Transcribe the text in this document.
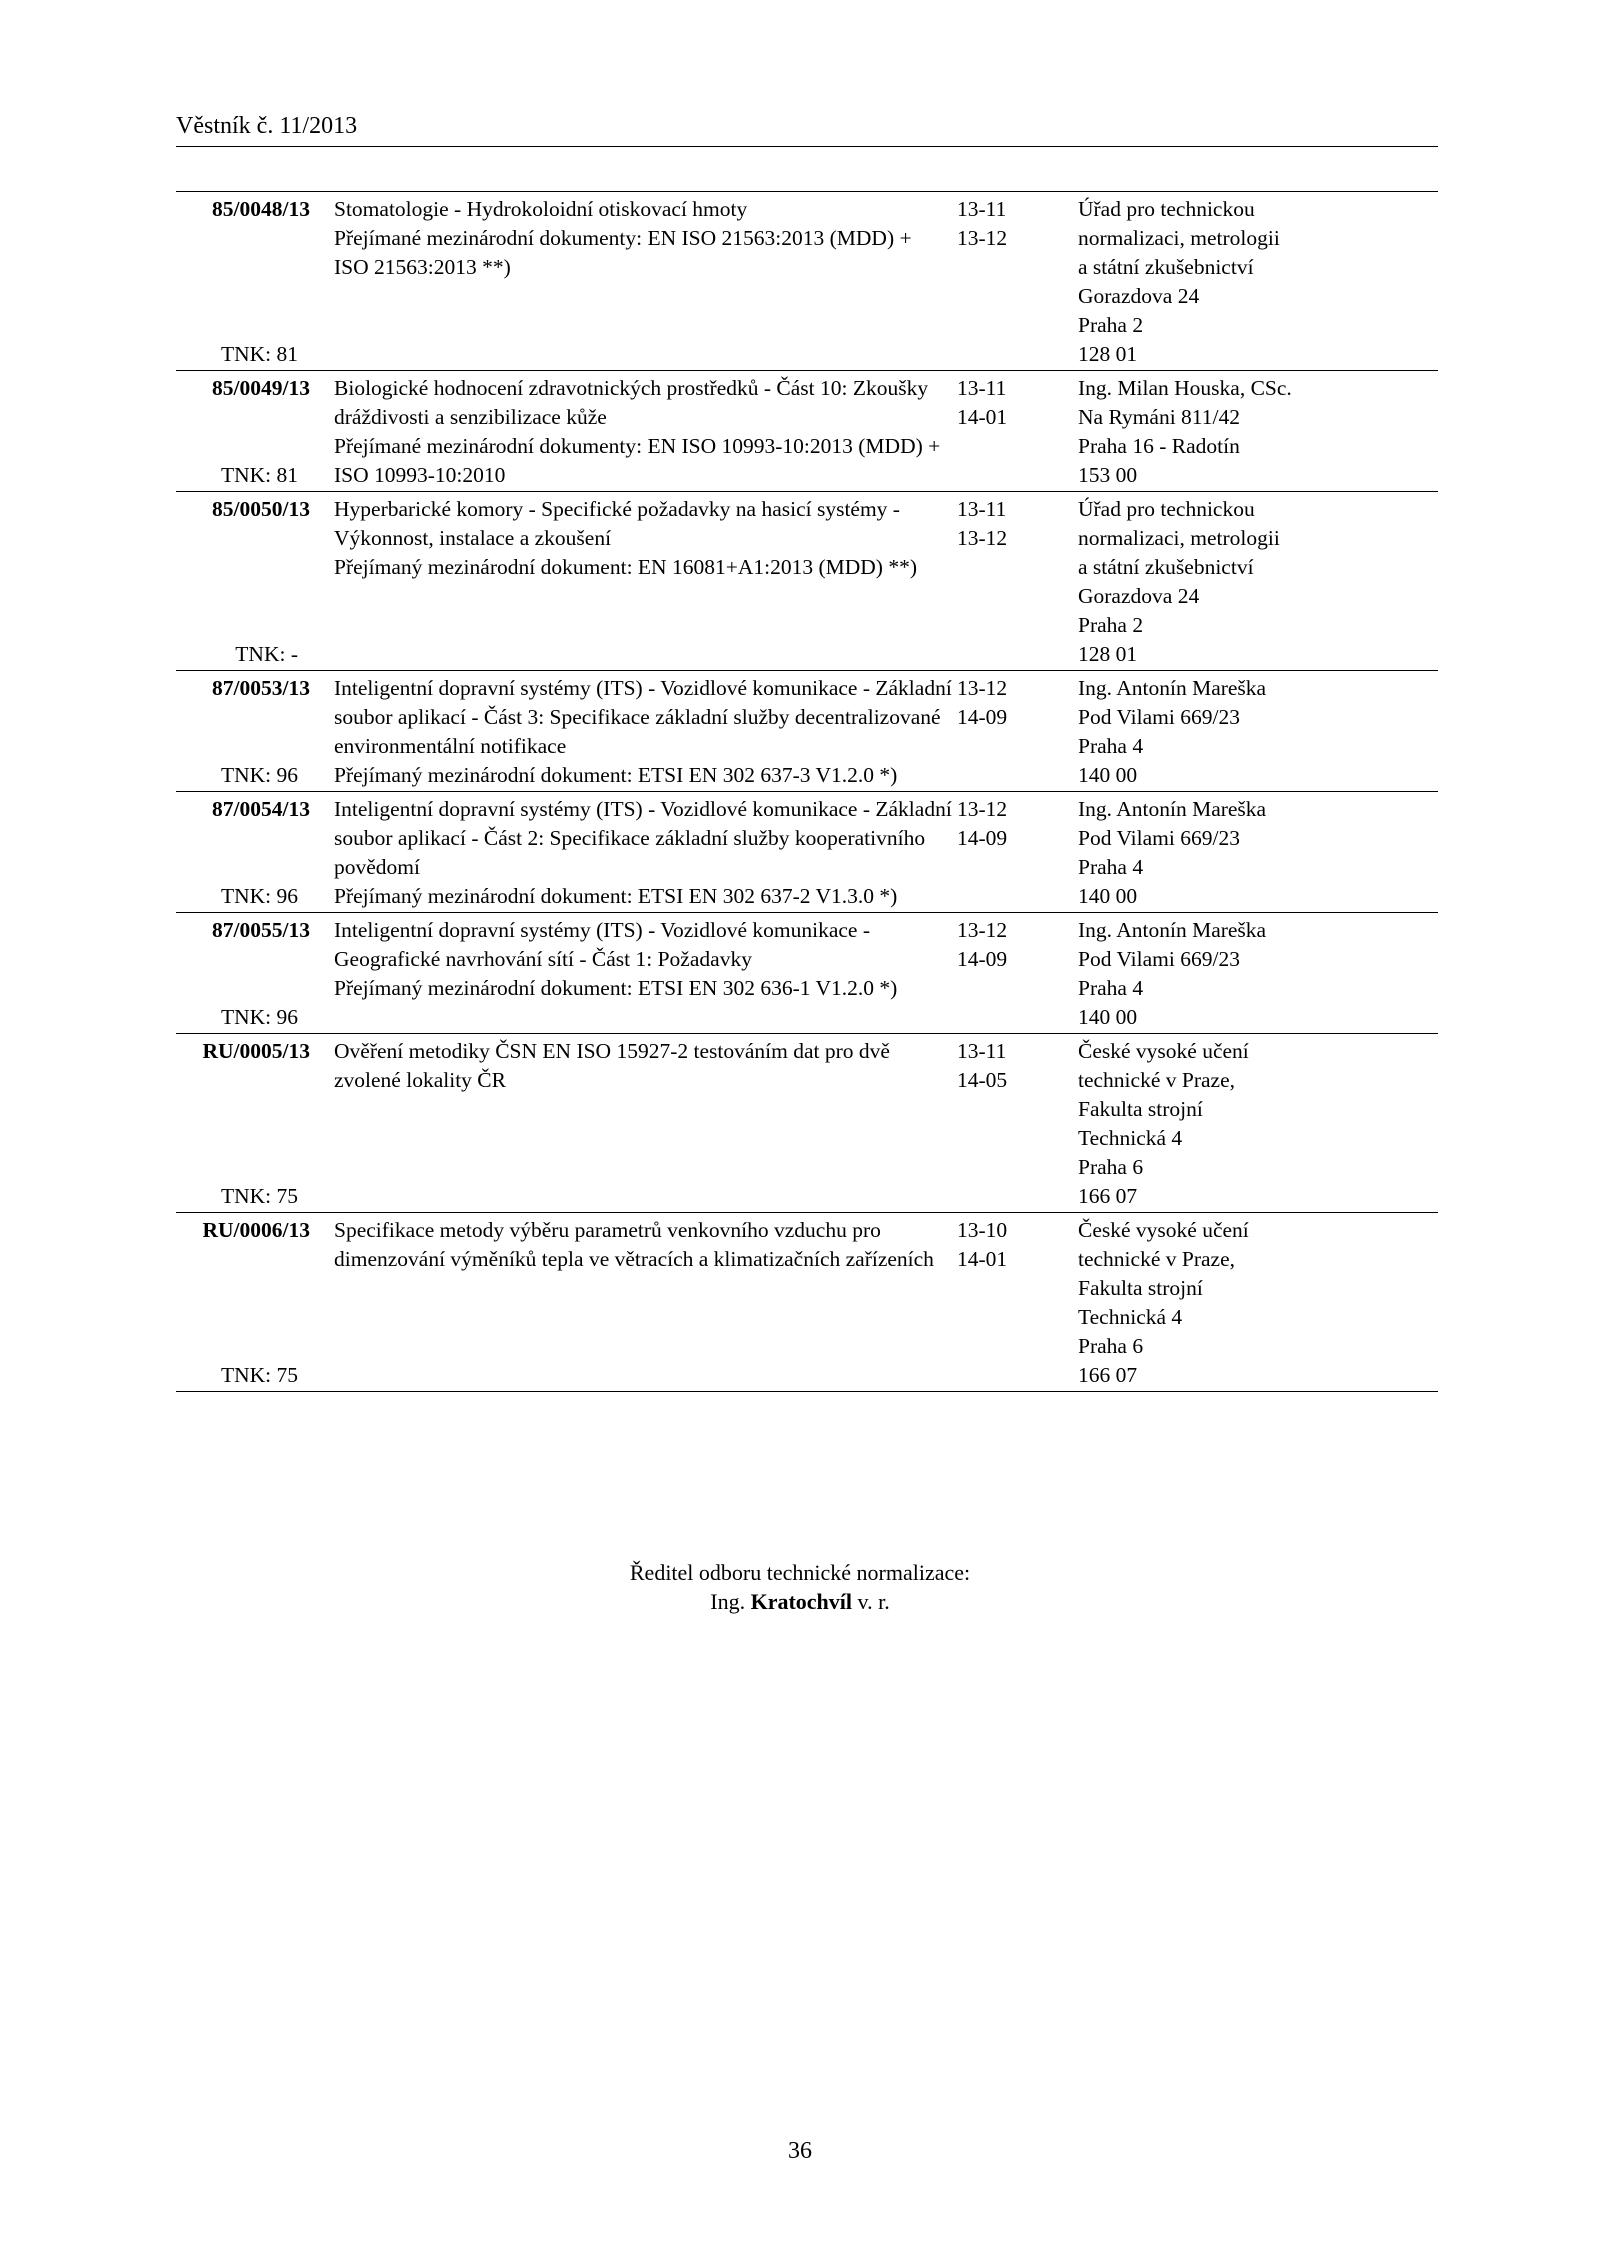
Věstník č. 11/2013
85/0048/13
TNK: 81
Stomatologie - Hydrokoloidní otiskovací hmoty
Přejímané mezinárodní dokumenty: EN ISO 21563:2013 (MDD) +
ISO 21563:2013 **)
13-11
13-12
Úřad pro technickou
normalizaci, metrologii
a státní zkušebnictví
Gorazdova 24
Praha 2
128 01
85/0049/13
TNK: 81
Biologické hodnocení zdravotnických prostředků - Část 10: Zkoušky
dráždivosti a senzibilizace kůže
Přejímané mezinárodní dokumenty: EN ISO 10993-10:2013 (MDD) +
ISO 10993-10:2010
13-11
14-01
Ing. Milan Houska, CSc.
Na Rymáni 811/42
Praha 16 - Radotín
153 00
85/0050/13
TNK: -
Hyperbarické komory - Specifické požadavky na hasicí systémy -
Výkonnost, instalace a zkoušení
Přejímaný mezinárodní dokument: EN 16081+A1:2013 (MDD) **)
13-11
13-12
Úřad pro technickou
normalizaci, metrologii
a státní zkušebnictví
Gorazdova 24
Praha 2
128 01
87/0053/13
TNK: 96
Inteligentní dopravní systémy (ITS) - Vozidlové komunikace - Základní
soubor aplikací - Část 3: Specifikace základní služby decentralizované
environmentální notifikace
Přejímaný mezinárodní dokument: ETSI EN 302 637-3 V1.2.0 *)
13-12
14-09
Ing. Antonín Mareška
Pod Vilami 669/23
Praha 4
140 00
87/0054/13
TNK: 96
Inteligentní dopravní systémy (ITS) - Vozidlové komunikace - Základní
soubor aplikací - Část 2: Specifikace základní služby kooperativního
povědomí
Přejímaný mezinárodní dokument: ETSI EN 302 637-2 V1.3.0 *)
13-12
14-09
Ing. Antonín Mareška
Pod Vilami 669/23
Praha 4
140 00
87/0055/13
TNK: 96
Inteligentní dopravní systémy (ITS) - Vozidlové komunikace -
Geografické navrhování sítí - Část 1: Požadavky
Přejímaný mezinárodní dokument: ETSI EN 302 636-1 V1.2.0 *)
13-12
14-09
Ing. Antonín Mareška
Pod Vilami 669/23
Praha 4
140 00
RU/0005/13
TNK: 75
Ověření metodiky ČSN EN ISO 15927-2 testováním dat pro dvě
zvolené lokality ČR
13-11
14-05
České vysoké učení
technické v Praze,
Fakulta strojní
Technická 4
Praha 6
166 07
RU/0006/13
TNK: 75
Specifikace metody výběru parametrů venkovního vzduchu pro
dimenzování výměníků tepla ve větracích a klimatizačních zařízeních
13-10
14-01
České vysoké učení
technické v Praze,
Fakulta strojní
Technická 4
Praha 6
166 07
Ředitel odboru technické normalizace:
Ing. Kratochvíl v. r.
36
